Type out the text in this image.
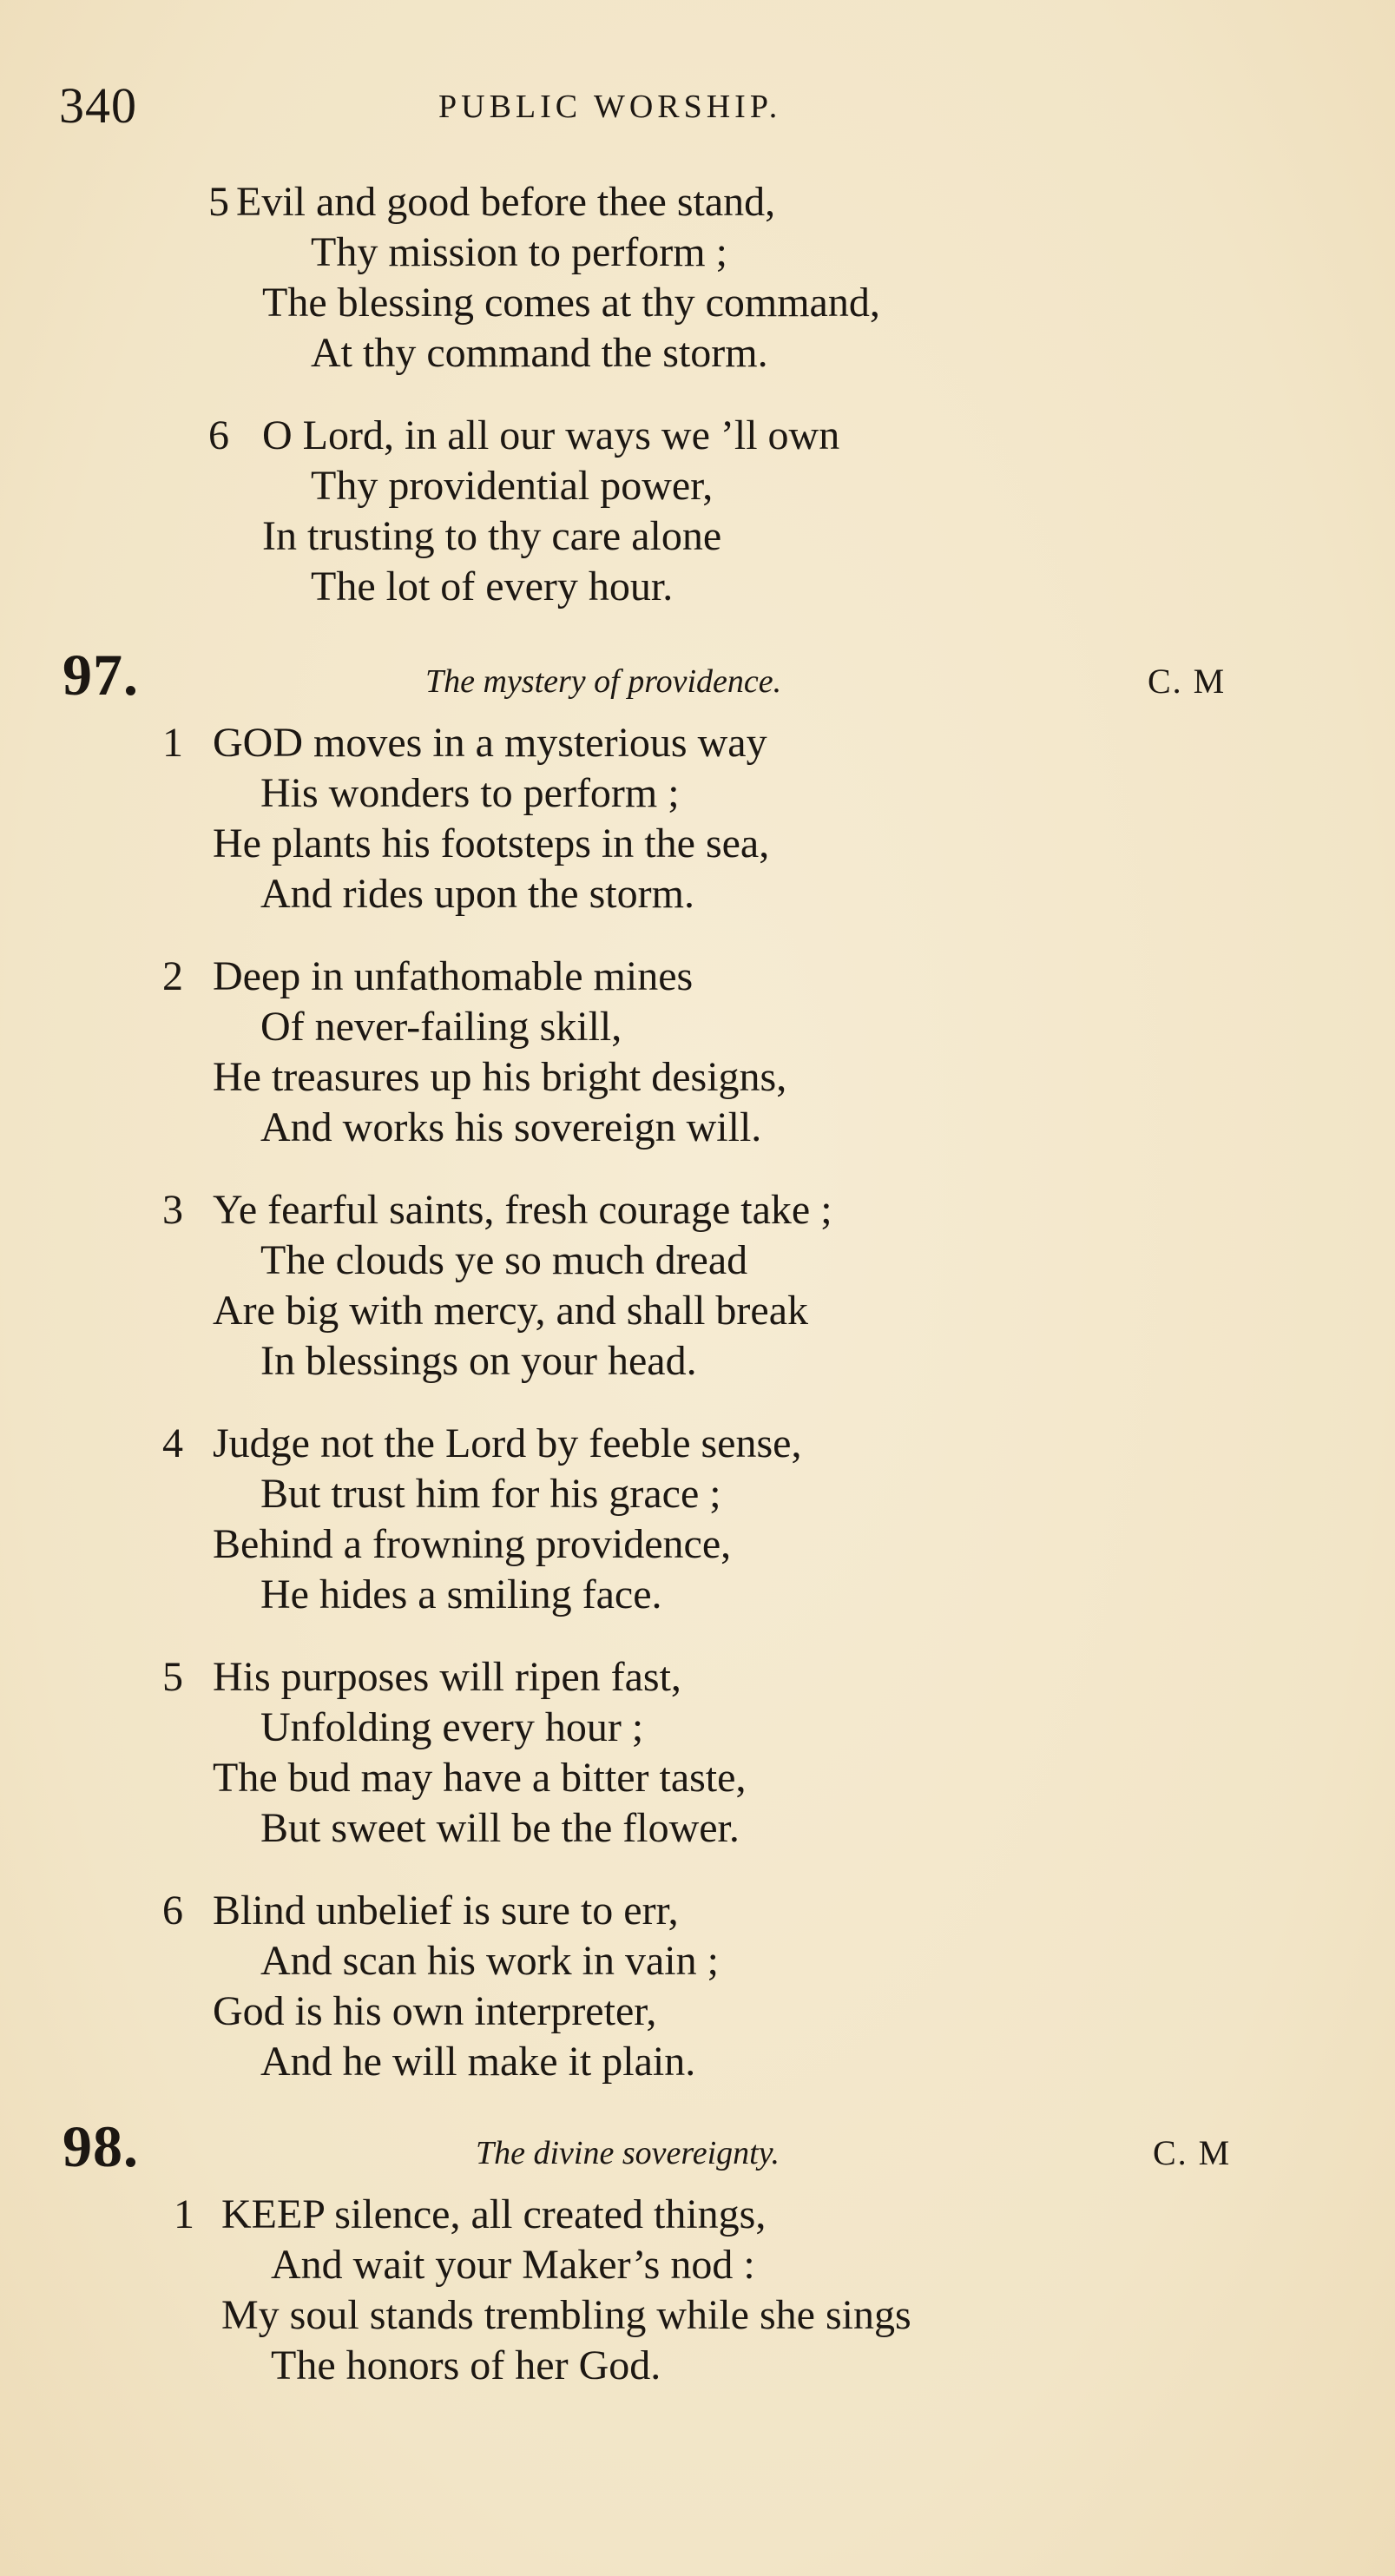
340	PUBLIC WORSHIP.
5 Evil and good before thee stand,
Thy mission to perform ;
The blessing comes at thy command,
At thy command the storm.
6 O Lord, in all our ways we ’ll own
Thy providential power,
In trusting to thy care alone
The lot of every hour.
97.	The mystery of providence.	C. M
1 GOD moves in a mysterious way
His wonders to perform ;
He plants his footsteps in the sea,
And rides upon the storm.
2 Deep in unfathomable mines
Of never-failing skill,
He treasures up his bright designs,
And works his sovereign will.
3 Ye fearful saints, fresh courage take ;
The clouds ye so much dread
Are big with mercy, and shall break
In blessings on your head.
4 Judge not the Lord by feeble sense,
But trust him for his grace ;
Behind a frowning providence,
He hides a smiling face.
5 His purposes will ripen fast,
Unfolding every hour ;
The bud may have a bitter taste,
But sweet will be the flower.
6 Blind unbelief is sure to err,
And scan his work in vain ;
God is his own interpreter,
And he will make it plain.
98.	The divine sovereignty.	C. M
1 KEEP silence, all created things,
And wait your Maker’s nod :
My soul stands trembling while she sings
The honors of her God.
